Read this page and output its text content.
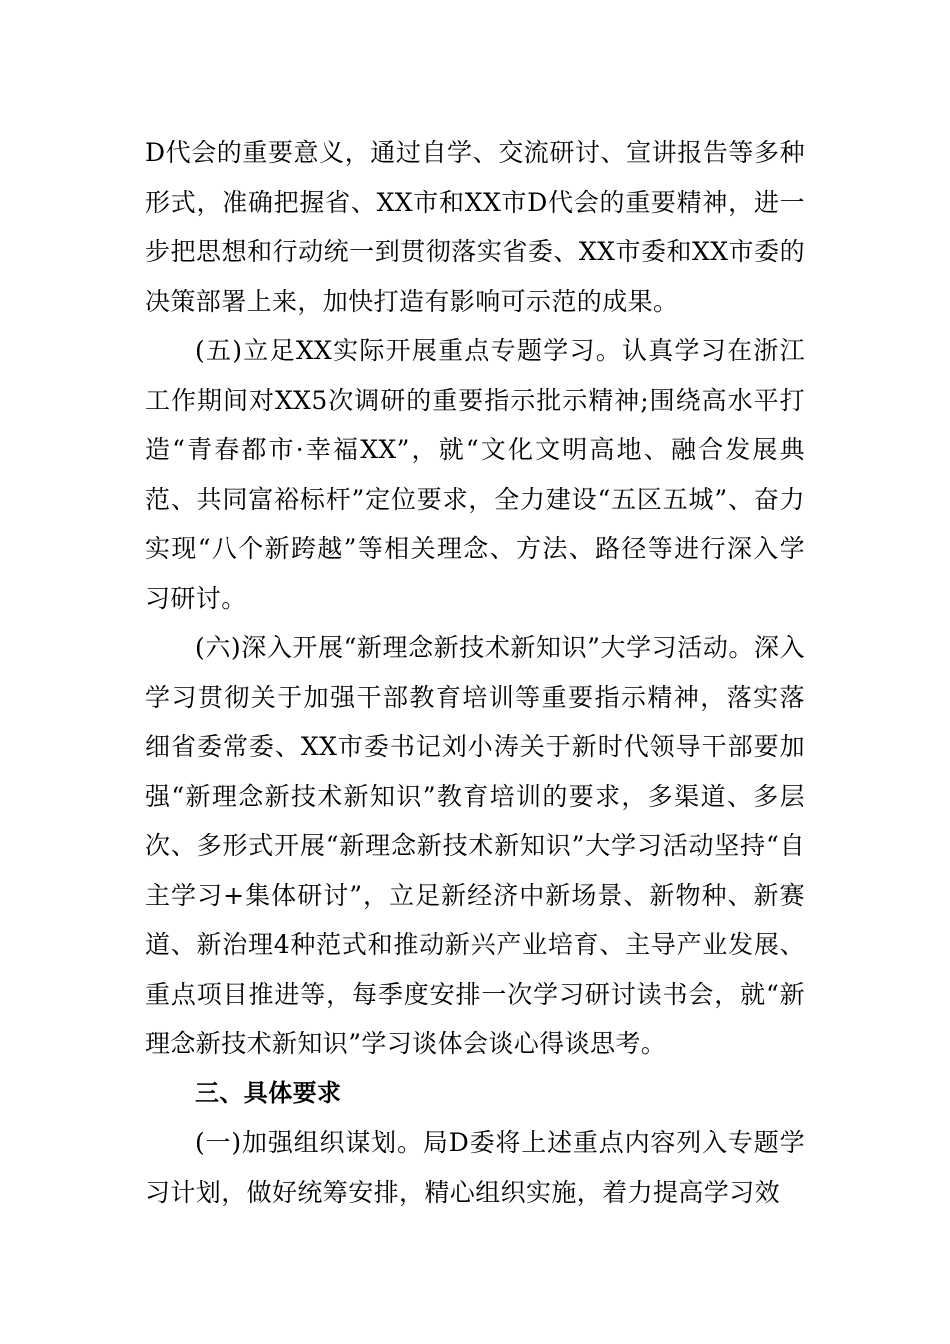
D代会的重要意义，通过自学、交流研讨、宣讲报告等多种形式，准确把握省、XX市和XX市D代会的重要精神，进一步把思想和行动统一到贯彻落实省委、XX市委和XX市委的决策部署上来，加快打造有影响可示范的成果。

(五)立足XX实际开展重点专题学习。认真学习在浙江工作期间对XX5次调研的重要指示批示精神;围绕高水平打造“青春都市·幸福XX”，就“文化文明高地、融合发展典范、共同富裕标杆”定位要求，全力建设“五区五城”、奋力实现“八个新跨越”等相关理念、方法、路径等进行深入学习研讨。

(六)深入开展“新理念新技术新知识”大学习活动。深入学习贯彻关于加强干部教育培训等重要指示精神，落实落细省委常委、XX市委书记刘小涛关于新时代领导干部要加强“新理念新技术新知识”教育培训的要求，多渠道、多层次、多形式开展“新理念新技术新知识”大学习活动坚持“自主学习+集体研讨”，立足新经济中新场景、新物种、新赛道、新治理4种范式和推动新兴产业培育、主导产业发展、重点项目推进等，每季度安排一次学习研讨读书会，就“新理念新技术新知识”学习谈体会谈心得谈思考。

三、具体要求

(一)加强组织谋划。局D委将上述重点内容列入专题学习计划，做好统筹安排，精心组织实施，着力提高学习效
